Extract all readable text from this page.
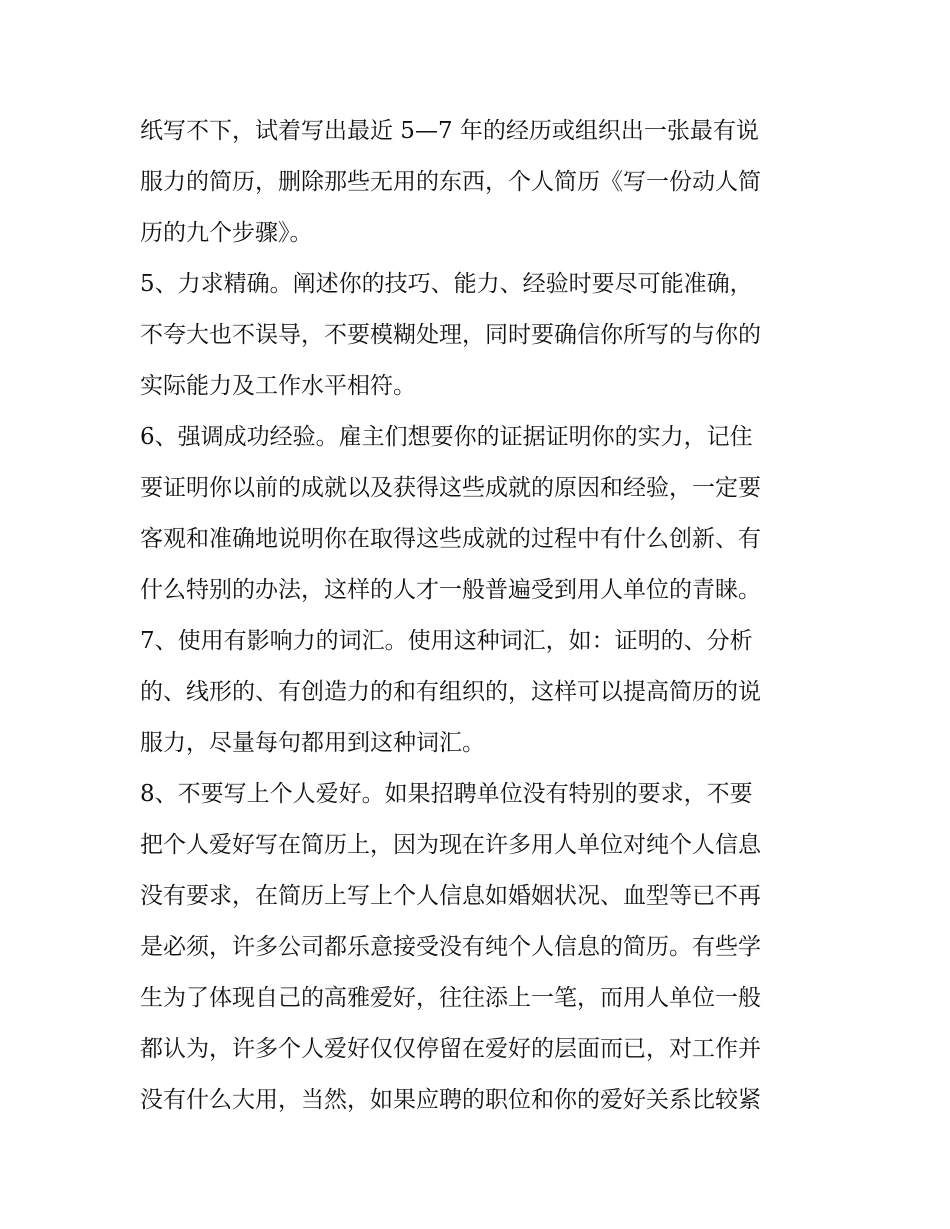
纸写不下，试着写出最近 5—7 年的经历或组织出一张最有说
服力的简历，删除那些无用的东西，个人简历《写一份动人简
历的九个步骤》。
5、力求精确。阐述你的技巧、能力、经验时要尽可能准确，
不夸大也不误导，不要模糊处理，同时要确信你所写的与你的
实际能力及工作水平相符。
6、强调成功经验。雇主们想要你的证据证明你的实力，记住
要证明你以前的成就以及获得这些成就的原因和经验，一定要
客观和准确地说明你在取得这些成就的过程中有什么创新、有
什么特别的办法，这样的人才一般普遍受到用人单位的青睐。
7、使用有影响力的词汇。使用这种词汇，如：证明的、分析
的、线形的、有创造力的和有组织的，这样可以提高简历的说
服力，尽量每句都用到这种词汇。
8、不要写上个人爱好。如果招聘单位没有特别的要求，不要
把个人爱好写在简历上，因为现在许多用人单位对纯个人信息
没有要求，在简历上写上个人信息如婚姻状况、血型等已不再
是必须，许多公司都乐意接受没有纯个人信息的简历。有些学
生为了体现自己的高雅爱好，往往添上一笔，而用人单位一般
都认为，许多个人爱好仅仅停留在爱好的层面而已，对工作并
没有什么大用，当然，如果应聘的职位和你的爱好关系比较紧
